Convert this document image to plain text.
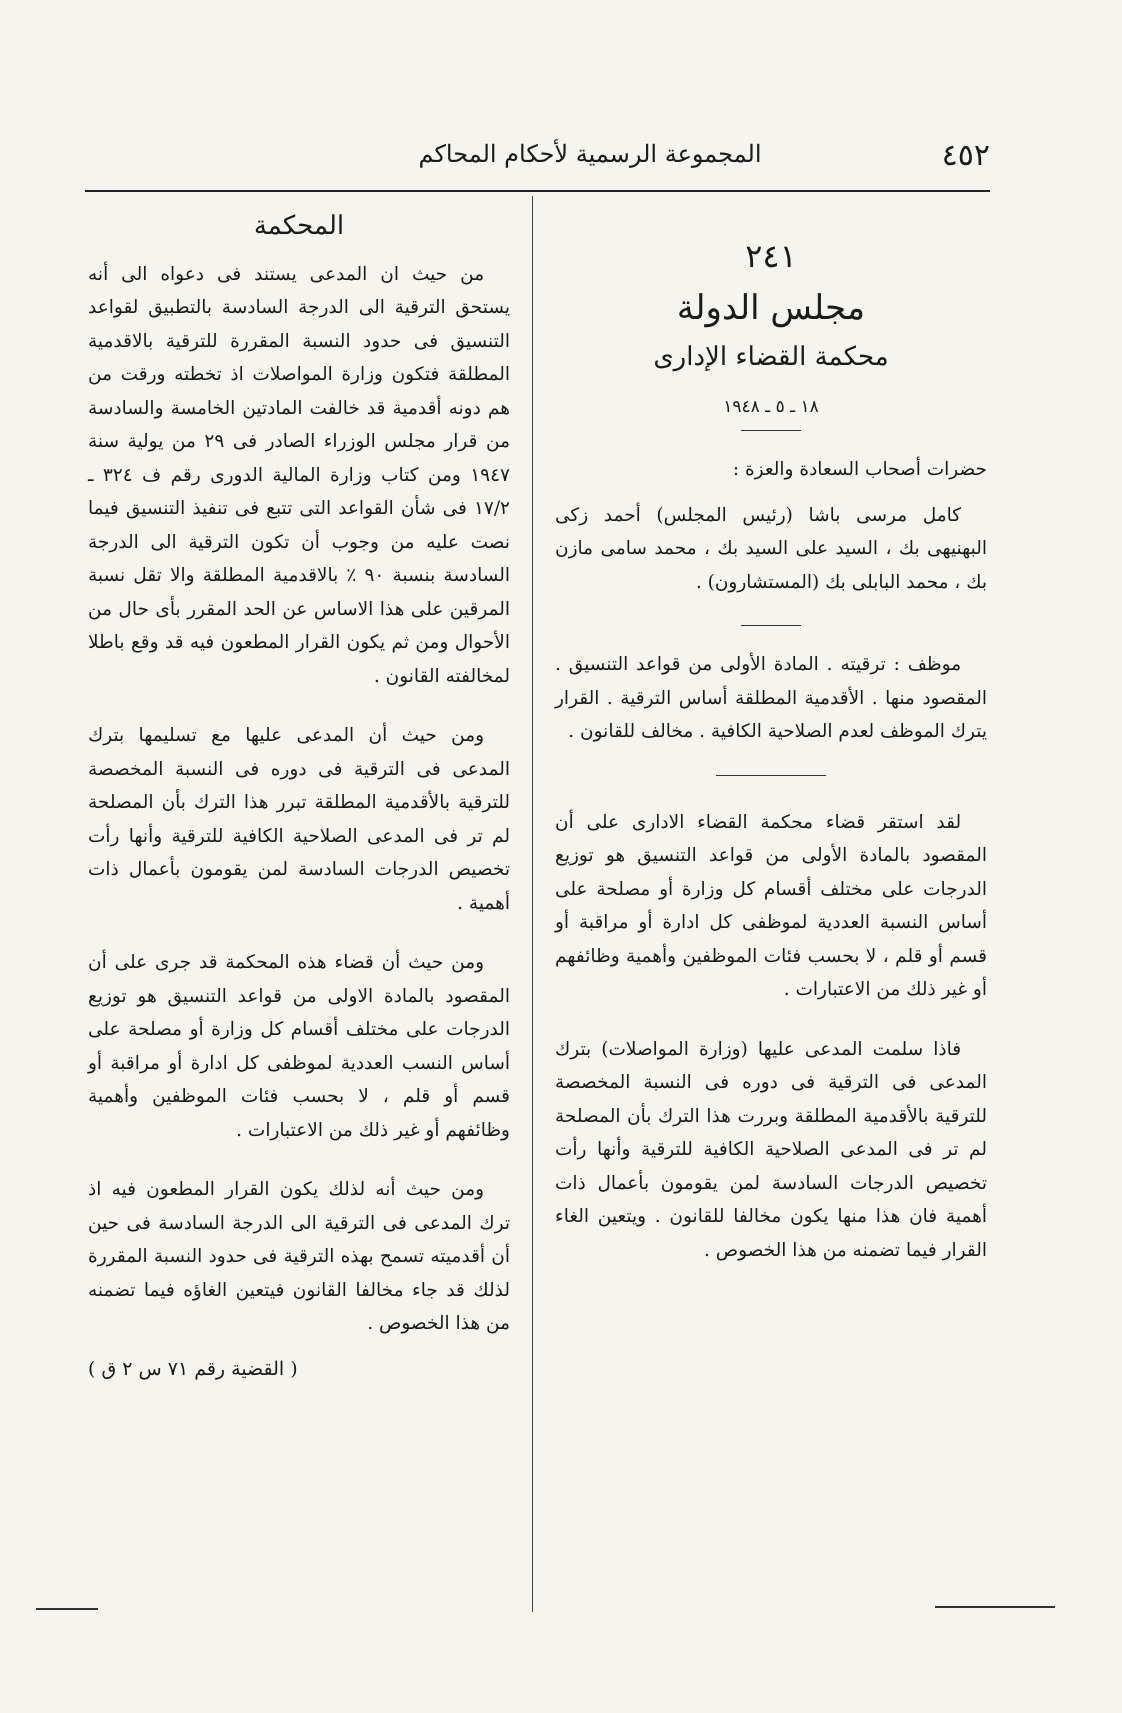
٤٥٢
المجموعة الرسمية لأحكام المحاكم
المحكمة

من حيث ان المدعى يستند فى دعواه الى أنه يستحق الترقية الى الدرجة السادسة بالتطبيق لقواعد التنسيق فى حدود النسبة المقررة للترقية بالاقدمية المطلقة فتكون وزارة المواصلات اذ تخطته ورقت من هم دونه أقدمية قد خالفت المادتين الخامسة والسادسة من قرار مجلس الوزراء الصادر فى ٢٩ من يولية سنة ١٩٤٧ ومن كتاب وزارة المالية الدورى رقم ف ٣٢٤ ـ ١٧/٢ فى شأن القواعد التى تتبع فى تنفيذ التنسيق فيما نصت عليه من وجوب أن تكون الترقية الى الدرجة السادسة بنسبة ٩٠ ٪ بالاقدمية المطلقة والا تقل نسبة المرقين على هذا الاساس عن الحد المقرر بأى حال من الأحوال ومن ثم يكون القرار المطعون فيه قد وقع باطلا لمخالفته القانون .

ومن حيث أن المدعى عليها مع تسليمها بترك المدعى فى الترقية فى دوره فى النسبة المخصصة للترقية بالأقدمية المطلقة تبرر هذا الترك بأن المصلحة لم تر فى المدعى الصلاحية الكافية للترقية وأنها رأت تخصيص الدرجات السادسة لمن يقومون بأعمال ذات أهمية .

ومن حيث أن قضاء هذه المحكمة قد جرى على أن المقصود بالمادة الاولى من قواعد التنسيق هو توزيع الدرجات على مختلف أقسام كل وزارة أو مصلحة على أساس النسب العددية لموظفى كل ادارة أو مراقبة أو قسم أو قلم ، لا بحسب فئات الموظفين وأهمية وظائفهم أو غير ذلك من الاعتبارات .

ومن حيث أنه لذلك يكون القرار المطعون فيه اذ ترك المدعى فى الترقية الى الدرجة السادسة فى حين أن أقدميته تسمح بهذه الترقية فى حدود النسبة المقررة لذلك قد جاء مخالفا القانون فيتعين الغاؤه فيما تضمنه من هذا الخصوص .

( القضية رقم ٧١ س ٢ ق )
٢٤١
مجلس الدولة
محكمة القضاء الإدارى
١٨ ـ ٥ ـ ١٩٤٨

حضرات أصحاب السعادة والعزة :

كامل مرسى باشا (رئيس المجلس) أحمد زكى البهنيهى بك ، السيد على السيد بك ، محمد سامى مازن بك ، محمد البابلى بك (المستشارون) .

موظف : ترقيته . المادة الأولى من قواعد التنسيق . المقصود منها . الأقدمية المطلقة أساس الترقية . القرار يترك الموظف لعدم الصلاحية الكافية . مخالف للقانون .

لقد استقر قضاء محكمة القضاء الادارى على أن المقصود بالمادة الأولى من قواعد التنسيق هو توزيع الدرجات على مختلف أقسام كل وزارة أو مصلحة على أساس النسبة العددية لموظفى كل ادارة أو مراقبة أو قسم أو قلم ، لا بحسب فئات الموظفين وأهمية وظائفهم أو غير ذلك من الاعتبارات .

فاذا سلمت المدعى عليها (وزارة المواصلات) بترك المدعى فى الترقية فى دوره فى النسبة المخصصة للترقية بالأقدمية المطلقة وبررت هذا الترك بأن المصلحة لم تر فى المدعى الصلاحية الكافية للترقية وأنها رأت تخصيص الدرجات السادسة لمن يقومون بأعمال ذات أهمية فان هذا منها يكون مخالفا للقانون . ويتعين الغاء القرار فيما تضمنه من هذا الخصوص .
